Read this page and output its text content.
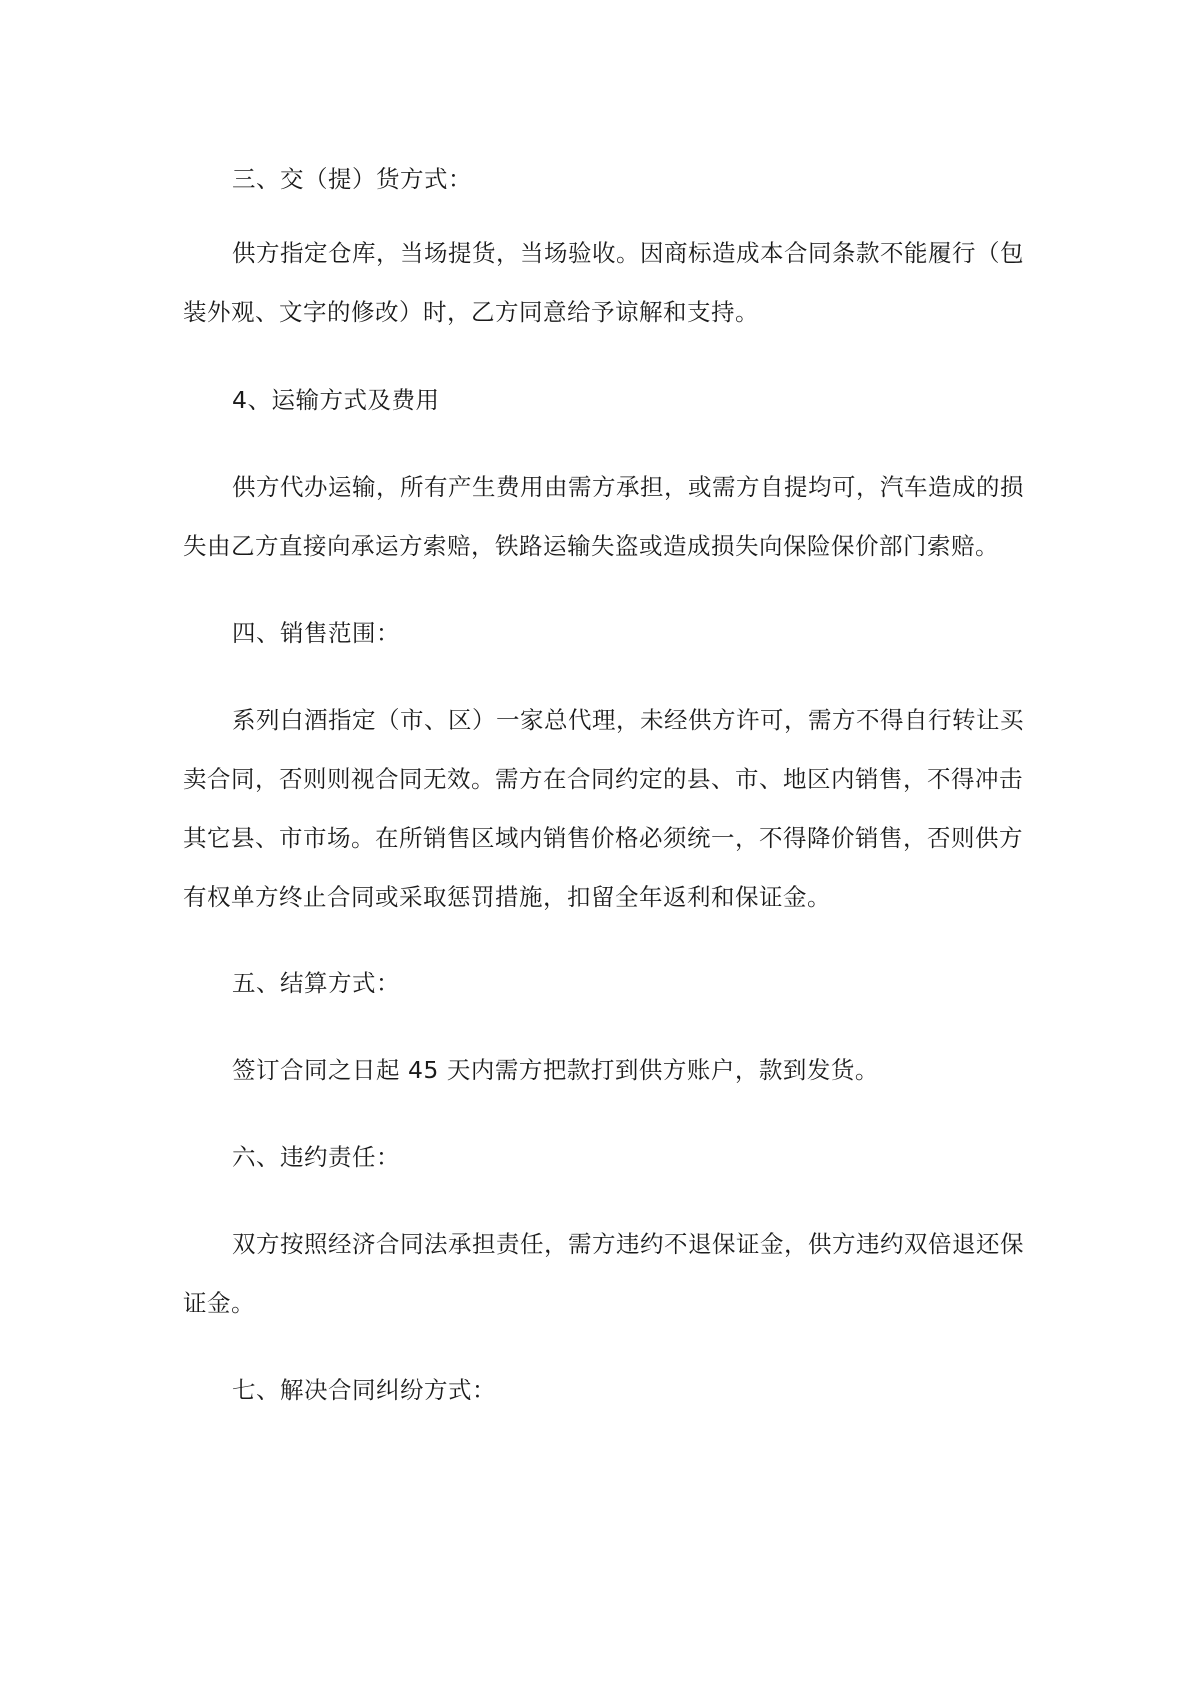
三、交（提）货方式：
供方指定仓库，当场提货，当场验收。因商标造成本合同条款不能履行（包
装外观、文字的修改）时，乙方同意给予谅解和支持。
4、运输方式及费用
供方代办运输，所有产生费用由需方承担，或需方自提均可，汽车造成的损
失由乙方直接向承运方索赔，铁路运输失盗或造成损失向保险保价部门索赔。
四、销售范围：
系列白酒指定（市、区）一家总代理，未经供方许可，需方不得自行转让买
卖合同，否则则视合同无效。需方在合同约定的县、市、地区内销售，不得冲击
其它县、市市场。在所销售区域内销售价格必须统一，不得降价销售，否则供方
有权单方终止合同或采取惩罚措施，扣留全年返利和保证金。
五、结算方式：
签订合同之日起 45 天内需方把款打到供方账户，款到发货。
六、违约责任：
双方按照经济合同法承担责任，需方违约不退保证金，供方违约双倍退还保
证金。
七、解决合同纠纷方式：
